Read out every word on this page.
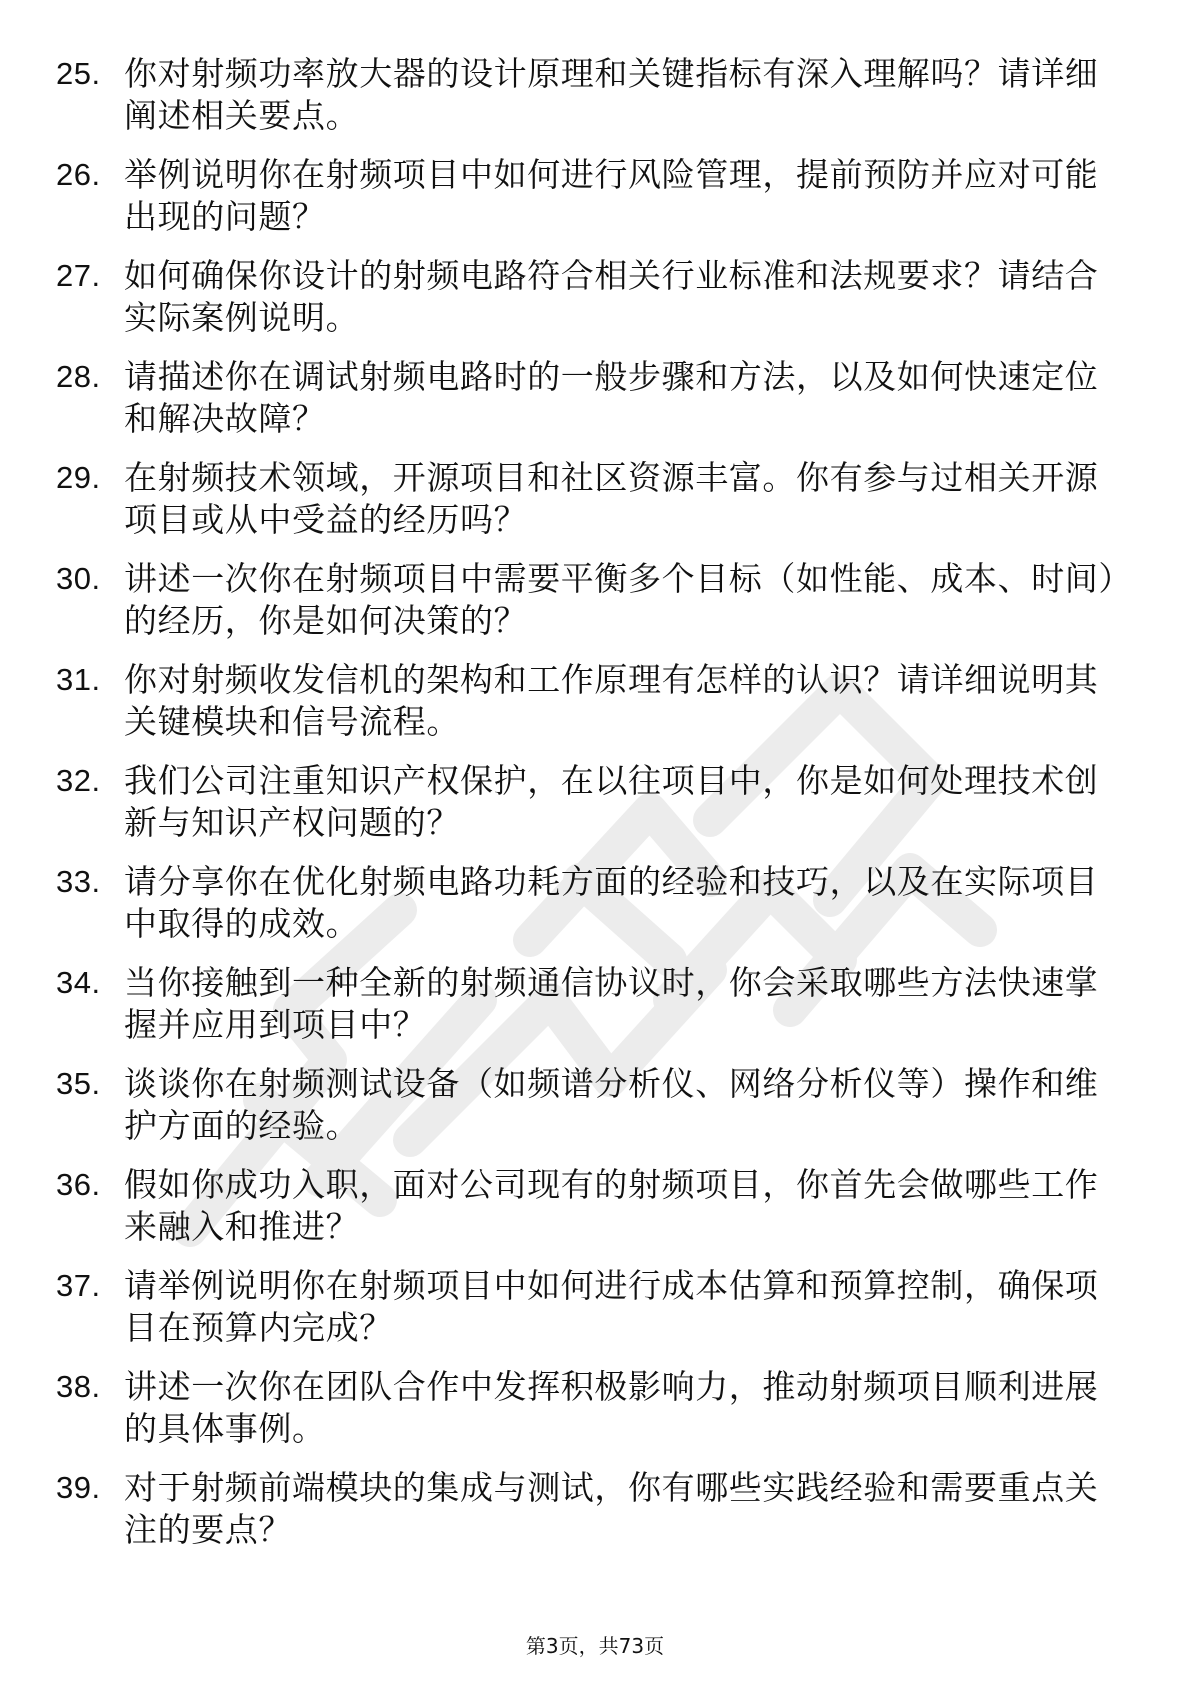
25. 你对射频功率放大器的设计原理和关键指标有深入理解吗？请详细阐述相关要点。
26. 举例说明你在射频项目中如何进行风险管理，提前预防并应对可能出现的问题？
27. 如何确保你设计的射频电路符合相关行业标准和法规要求？请结合实际案例说明。
28. 请描述你在调试射频电路时的一般步骤和方法，以及如何快速定位和解决故障？
29. 在射频技术领域，开源项目和社区资源丰富。你有参与过相关开源项目或从中受益的经历吗？
30. 讲述一次你在射频项目中需要平衡多个目标（如性能、成本、时间）的经历，你是如何决策的？
31. 你对射频收发信机的架构和工作原理有怎样的认识？请详细说明其关键模块和信号流程。
32. 我们公司注重知识产权保护，在以往项目中，你是如何处理技术创新与知识产权问题的？
33. 请分享你在优化射频电路功耗方面的经验和技巧，以及在实际项目中取得的成效。
34. 当你接触到一种全新的射频通信协议时，你会采取哪些方法快速掌握并应用到项目中？
35. 谈谈你在射频测试设备（如频谱分析仪、网络分析仪等）操作和维护方面的经验。
36. 假如你成功入职，面对公司现有的射频项目，你首先会做哪些工作来融入和推进？
37. 请举例说明你在射频项目中如何进行成本估算和预算控制，确保项目在预算内完成？
38. 讲述一次你在团队合作中发挥积极影响力，推动射频项目顺利进展的具体事例。
39. 对于射频前端模块的集成与测试，你有哪些实践经验和需要重点关注的要点？
第3页，共73页
